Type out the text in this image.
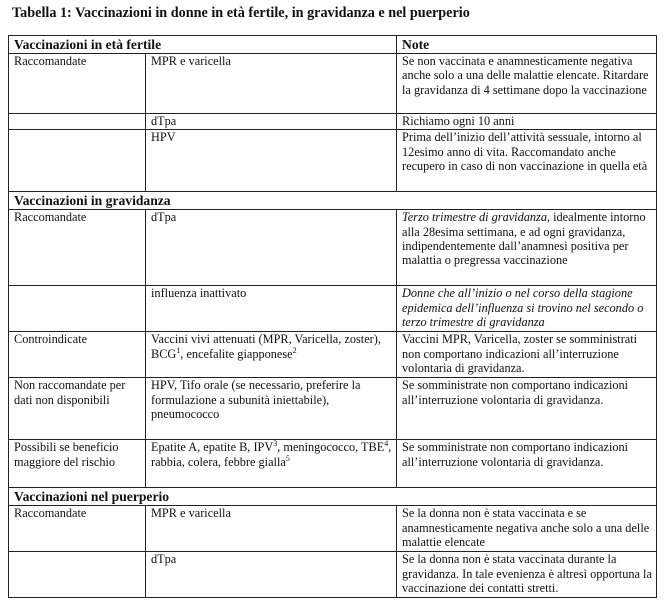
Tabella 1: Vaccinazioni in donne in età fertile, in gravidanza e nel puerperio
Vaccinazioni in età fertile		Note
Raccomandate	MPR e varicella	Se non vaccinata e anamnesticamente negativa anche solo a una delle malattie elencate. Ritardare la gravidanza di 4 settimane dopo la vaccinazione
	dTpa	Richiamo ogni 10 anni
	HPV	Prima dell’inizio dell’attività sessuale, intorno al 12esimo anno di vita. Raccomandato anche recupero in caso di non vaccinazione in quella età
Vaccinazioni in gravidanza		
Raccomandate	dTpa	Terzo trimestre di gravidanza, idealmente intorno alla 28esima settimana, e ad ogni gravidanza, indipendentemente dall’anamnesi positiva per malattia o pregressa vaccinazione
	influenza inattivato	Donne che all’inizio o nel corso della stagione epidemica dell’influenza si trovino nel secondo o terzo trimestre di gravidanza
Controindicate	Vaccini vivi attenuati (MPR, Varicella, zoster), BCG$^1$, encefalite giapponese$^2$	Vaccini MPR, Varicella, zoster se somministrati non comportano indicazioni all’interruzione volontaria di gravidanza.
Non raccomandate per dati non disponibili	HPV, Tifo orale (se necessario, preferire la formulazione a subunità iniettabile), pneumococco	Se somministrate non comportano indicazioni all’interruzione volontaria di gravidanza.
Possibili se beneficio maggiore del rischio	Epatite A, epatite B, IPV$^3$, meningococco, TBE$^4$, rabbia, colera, febbre gialla$^5$	Se somministrate non comportano indicazioni all’interruzione volontaria di gravidanza.
Vaccinazioni nel puerperio		
Raccomandate	MPR e varicella	Se la donna non è stata vaccinata e se anamnesticamente negativa anche solo a una delle malattie elencate
	dTpa	Se la donna non è stata vaccinata durante la gravidanza. In tale evenienza è altresì opportuna la vaccinazione dei contatti stretti.
